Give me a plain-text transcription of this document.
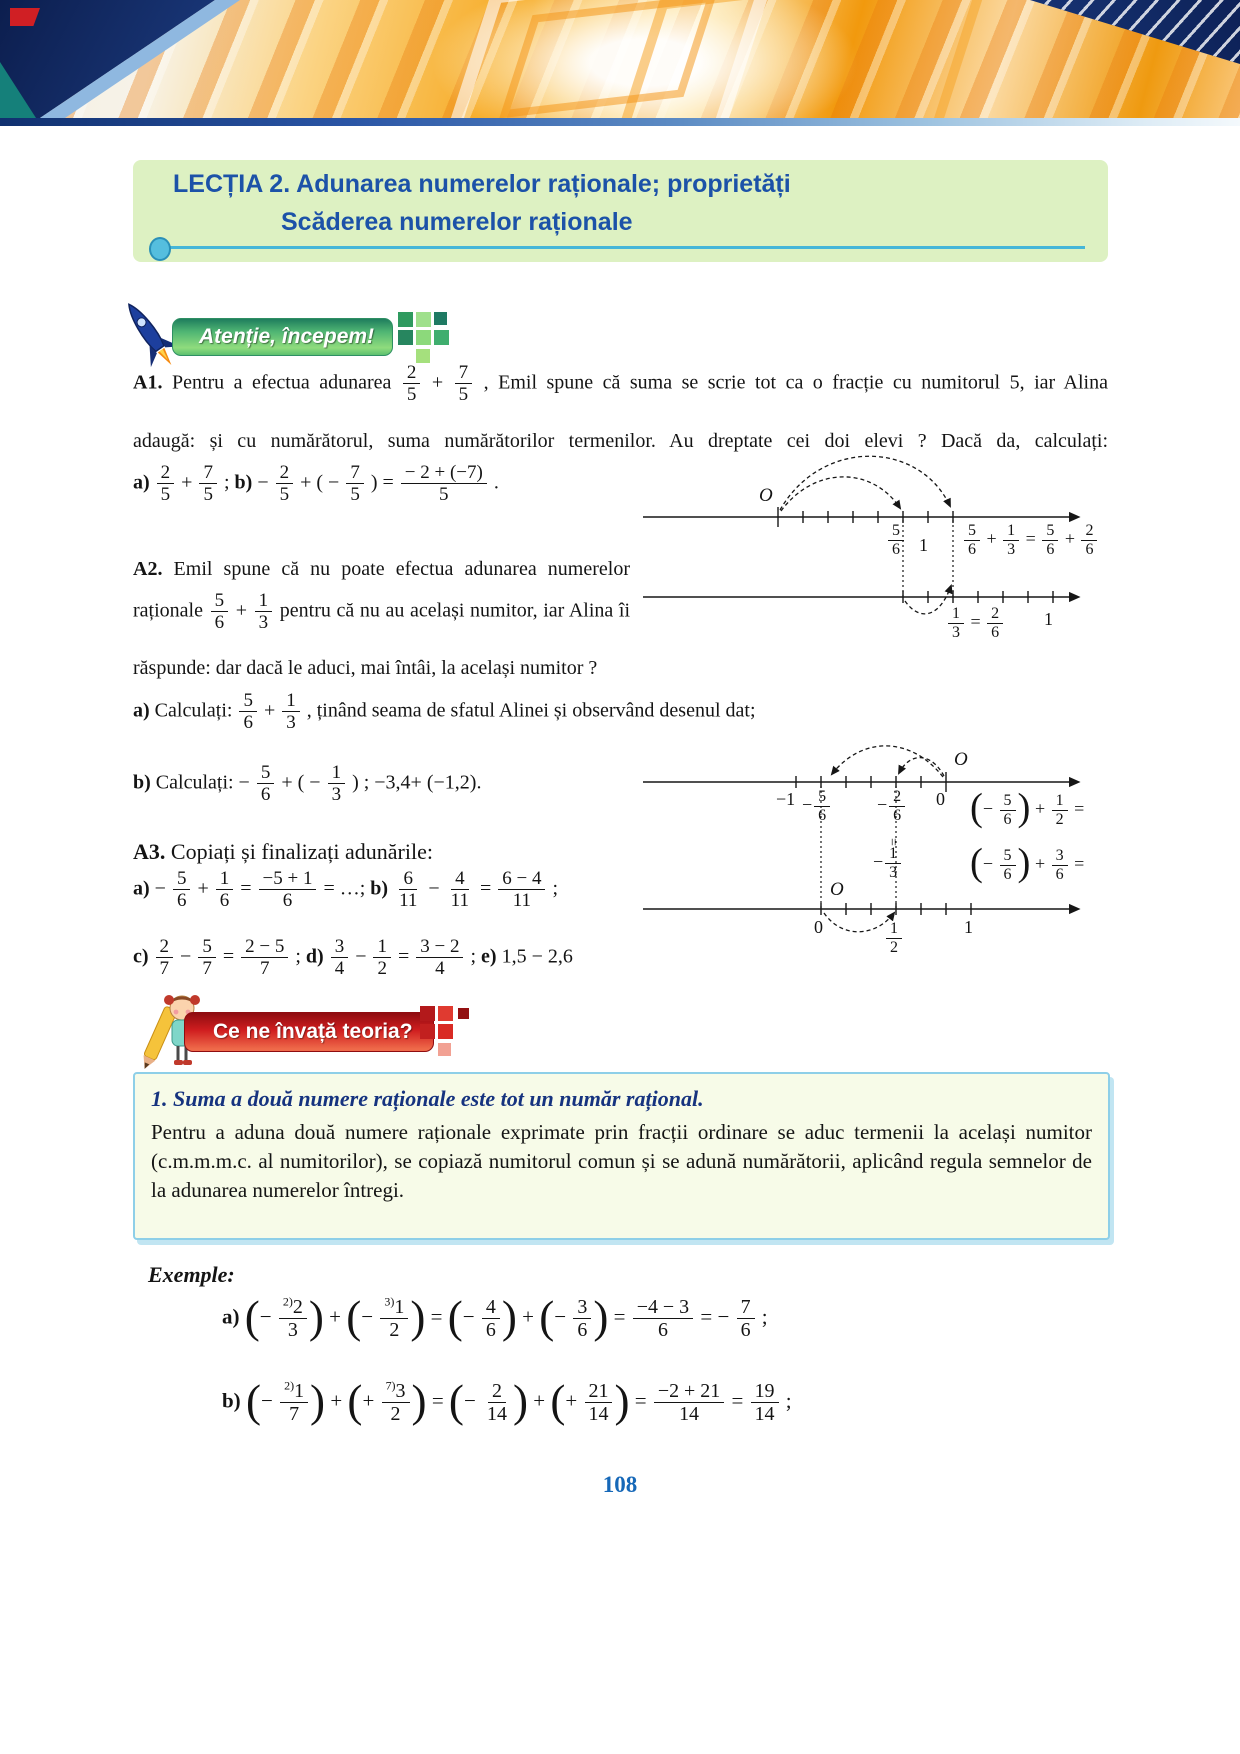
LECȚIA 2. Adunarea numerelor raționale; proprietăți
Scăderea numerelor raționale
Atenție, începem!
A1. Pentru a efectua adunarea $\frac{2}{5} + \frac{7}{5}$ , Emil spune că suma se scrie tot ca o fracție cu numitorul 5, iar Alina
adaugă: și cu numărătorul, suma numărătorilor termenilor. Au dreptate cei doi elevi ? Dacă da, calculați:
$a) \frac{2}{5} + \frac{7}{5}$ ; $b) - \frac{2}{5}$ + ( − $\frac{7}{5}$ ) = $\frac{- 2 + (-7)}{5}$ .
O
$\frac{5}{6} 1 \frac{5}{6} + \frac{1}{3} = \frac{5}{6} + \frac{2}{6}$
$\frac{1}{3} = \frac{2}{6} 1$
A2. Emil spune că nu poate efectua adunarea numerelor
raționale $\frac{5}{6} + \frac{1}{3}$ pentru că nu au același numitor, iar Alina îi
răspunde: dar dacă le aduci, mai întâi, la același numitor ?
a) Calculați: $\frac{5}{6} + \frac{1}{3}$ , ținând seama de sfatul Alinei și observând desenul dat;
b) Calculați: − $\frac{5}{6}$ + ( − $\frac{1}{3}$ ) ; −3,4+ (−1,2).
$-1 - \frac{5}{6}$	− $\frac{2}{6}$
=
− $\frac{1}{3}$
0
O
(− $\frac{5}{6}$ ) + $\frac{1}{2}$ =
(− $\frac{5}{6}$ ) + $\frac{3}{6}$ =
O
0	$\frac{1}{2}$	1
A3. Copiați și finalizați adunările:
$a) - \frac{5}{6} + \frac{1}{6} = \frac{-5 + 1}{6}$ = …; $b) \frac{6}{11} - \frac{4}{11} = \frac{6 - 4}{11}$ ;
$c) \frac{2}{7} - \frac{5}{7} = \frac{2 - 5}{7}$ ; $d) \frac{3}{4} - \frac{1}{2} = \frac{3 - 2}{4}$ ; e) 1,5 − 2,6
Ce ne învață teoria?
1. Suma a două numere raționale este tot un număr rațional.
Pentru a aduna două numere raționale exprimate prin fracții ordinare se aduc termenii la același numitor (c.m.m.m.c. al numitorilor), se copiază numitorul comun și se adună numărătorii, aplicând regula semnelor de la adunarea numerelor întregi.
Exemple:
a) (− $\frac{^{2)}2}{3}$ ) + (− $\frac{^{3)}1}{2}$ ) = (− $\frac{4}{6}$ ) + (− $\frac{3}{6}$ ) = $\frac{-4 - 3}{6}$ = − $\frac{7}{6}$ ;
b) (− $\frac{^{2)}1}{7}$ ) + (+ $\frac{^{7)}3}{2}$ ) = (− $\frac{2}{14}$ ) + (+ $\frac{21}{14}$ ) = $\frac{-2 + 21}{14} = \frac{19}{14}$ ;
108
